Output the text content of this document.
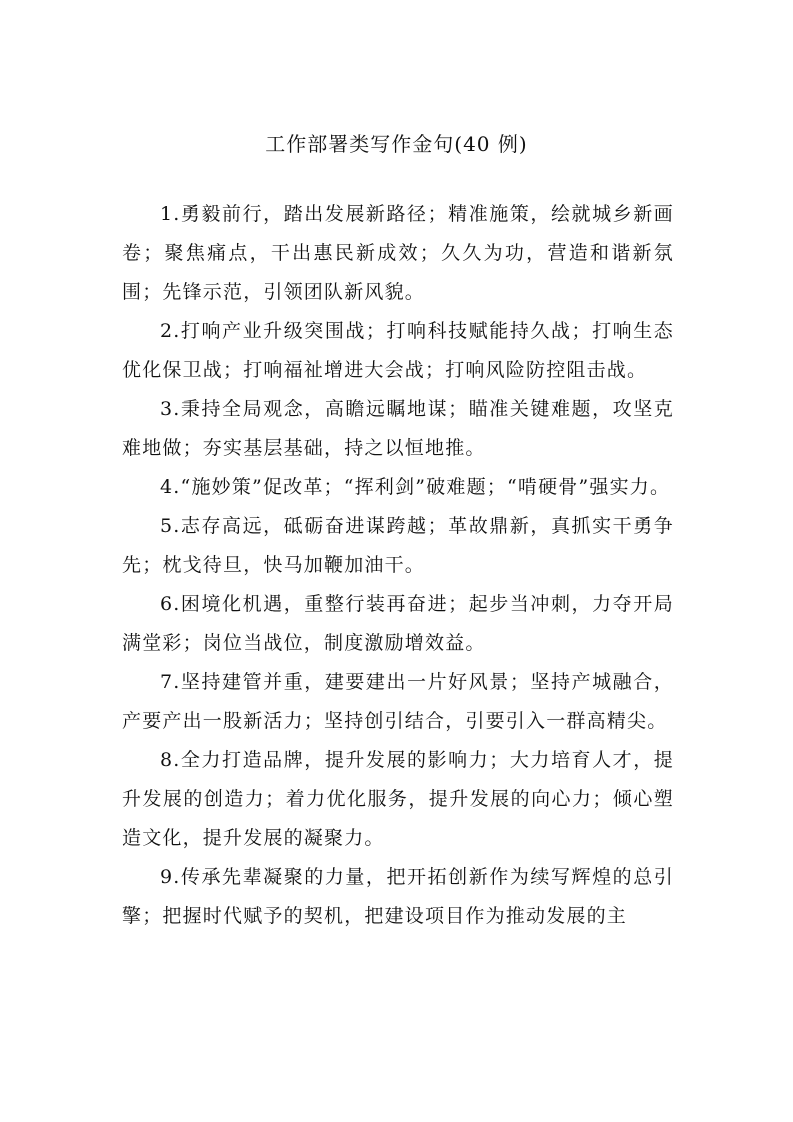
工作部署类写作金句(40 例)

1.勇毅前行，踏出发展新路径；精准施策，绘就城乡新画卷；聚焦痛点，干出惠民新成效；久久为功，营造和谐新氛围；先锋示范，引领团队新风貌。

2.打响产业升级突围战；打响科技赋能持久战；打响生态优化保卫战；打响福祉增进大会战；打响风险防控阻击战。

3.秉持全局观念，高瞻远瞩地谋；瞄准关键难题，攻坚克难地做；夯实基层基础，持之以恒地推。

4.“施妙策”促改革；“挥利剑”破难题；“啃硬骨”强实力。

5.志存高远，砥砺奋进谋跨越；革故鼎新，真抓实干勇争先；枕戈待旦，快马加鞭加油干。

6.困境化机遇，重整行装再奋进；起步当冲刺，力夺开局满堂彩；岗位当战位，制度激励增效益。

7.坚持建管并重，建要建出一片好风景；坚持产城融合，产要产出一股新活力；坚持创引结合，引要引入一群高精尖。

8.全力打造品牌，提升发展的影响力；大力培育人才，提升发展的创造力；着力优化服务，提升发展的向心力；倾心塑造文化，提升发展的凝聚力。

9.传承先辈凝聚的力量，把开拓创新作为续写辉煌的总引擎；把握时代赋予的契机，把建设项目作为推动发展的主
